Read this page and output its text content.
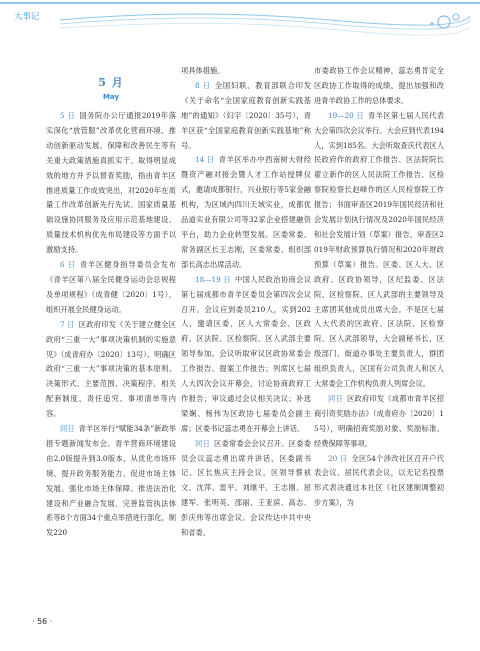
大事记
5 月
May

5 日 国务院办公厅通报2019年落实深化“放管服”改革优化营商环境、推动创新驱动发展、保障和改善民生等有关重大政策措施真抓实干、取得明显成效的地方并予以督查奖励，指由青羊区推进质量工作成效突出，对2020年在质量工作改革创新先行先试、国家质量基础设施协同服务及应用示范基地建设、质量技术机构优先布局建设等方面予以激励支持。

6 日 青羊区健身指导委员会发布《青羊区第八届全民健身运动会总规程及单项规程》（成青健〔2020〕1号），组织开展全民健身运动。

7 日 区政府印发《关于建立健全区政府“三重一大”事项决策机制的实施意见》（成青府办〔2020〕13号）。明确区政府“三重一大”事项决策的基本原则、决策形式、主要范围、决策程序、相关配套制度、责任追究、事项清单等内容。

同日 青羊区举行“赋能34条”新政举措专题新闻发布会。青羊营商环境建设由2.0版提升到3.0版本，从优化市场环境、提升政务服务能力、促进市场主体发展、强化市场主体保障、推进法治化建设和产业融合发展、完善监管执法体系等8个方面34个重点举措进行部化，制发220

项具体措施。

8 日 全国妇联、教育部联合印发《关于命名“全国家庭教育创新实践基地”的通知》（妇字〔2020〕35号），青羊区获“全国家庭教育创新实践基地”称号。

14 日 青羊区举办中西南树大财经暨资产融对接会暨人才工作站授牌仪式，邀请成都银行，兴业银行等5家金融机构，为区域内四川天域实业，成都优品道实业有限公司等32家企业搭建融资平台，助力企业转型发展。区委常委、常务副区长王志刚，区委常委、组织部部长高志出席活动。

18—19 日 中国人民政治协商会议第七届成都市青羊区委员会第四次会议召开。会议应到委员210人，实到202人，邀请区委、区人大常委会、区政府、区法院、区检察院、区人武部主要领导参加。会议听取审议区政协常委会工作报告、提案工作报告；列席区七届人大四次会议开幕会，讨论协商政府工作报告；审议通过会议相关决议；补选梁娴、杨伟为区政协七届委员会副主席；区委书记蕊志勇在开幕会上讲话。

同日 区委常委会会议召开。区委委员会议蕊志勇出席并讲话，区委副书记、区长焦庆主持会议，区领导蔡祯文、沈萍、雷平、刘继平、王志刚、屈建军、张明英、邵丽、王亚滨、高志、彭庆伟等出席会议。会议传达中共中央和省委、

市委政协工作会议精神，蕊志勇肯定全区政协工作取得的成绩，提出加强和改进青羊政协工作的总体要求。

19—20 日 青羊区第七届人民代表大会第四次会议举行。大会应到代表194人，实到185名。大会听取查庆代表区人民政府作的政府工作报告、区法院院长翟立新作的区人民法院工作报告、区检察院检察长赵峰作的区人民检察院工作报告；书面审查区2019年国民经济和社会发展计划执行情况及2020年国民经济和社会发展计划（草案）报告，审查区2019年财政预算执行情况和2020年财政预算（草案）报告。区委、区人大、区政府、区政协领导，区纪监委、区法院、区检察院、区人武部的主要领导及主席团其他成员出席大会。不是区七届人大代表的区政府、区法院、区检察院、区人武部领导，大会副秘书长，区级部门、街道办事处主要负责人，群团组织负责人，区国有公司负责人和区人大常委会工作机构负责人列席会议。

同日 区政府印发《成都市青羊区招商引资奖励办法》（成青府办〔2020〕15号），明确招商奖励对象、奖励标准、经费保障等事项。

20 日 全区54个涉改社区召开户代表会议、居民代表会议，以无记名投票形式表决通过本社区《社区建制调整初步方案》，为

· 56 ·
